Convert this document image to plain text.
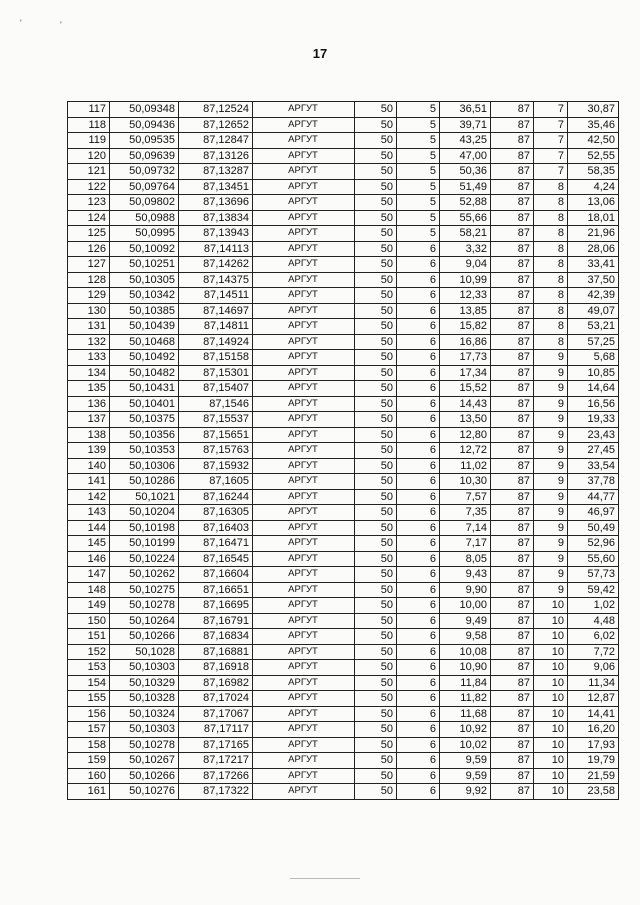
'	'
17
117	50,09348	87,12524	АРГУТ	50	5	36,51	87	7	30,87
118	50,09436	87,12652	АРГУТ	50	5	39,71	87	7	35,46
119	50,09535	87,12847	АРГУТ	50	5	43,25	87	7	42,50
120	50,09639	87,13126	АРГУТ	50	5	47,00	87	7	52,55
121	50,09732	87,13287	АРГУТ	50	5	50,36	87	7	58,35
122	50,09764	87,13451	АРГУТ	50	5	51,49	87	8	4,24
123	50,09802	87,13696	АРГУТ	50	5	52,88	87	8	13,06
124	50,0988	87,13834	АРГУТ	50	5	55,66	87	8	18,01
125	50,0995	87,13943	АРГУТ	50	5	58,21	87	8	21,96
126	50,10092	87,14113	АРГУТ	50	6	3,32	87	8	28,06
127	50,10251	87,14262	АРГУТ	50	6	9,04	87	8	33,41
128	50,10305	87,14375	АРГУТ	50	6	10,99	87	8	37,50
129	50,10342	87,14511	АРГУТ	50	6	12,33	87	8	42,39
130	50,10385	87,14697	АРГУТ	50	6	13,85	87	8	49,07
131	50,10439	87,14811	АРГУТ	50	6	15,82	87	8	53,21
132	50,10468	87,14924	АРГУТ	50	6	16,86	87	8	57,25
133	50,10492	87,15158	АРГУТ	50	6	17,73	87	9	5,68
134	50,10482	87,15301	АРГУТ	50	6	17,34	87	9	10,85
135	50,10431	87,15407	АРГУТ	50	6	15,52	87	9	14,64
136	50,10401	87,1546	АРГУТ	50	6	14,43	87	9	16,56
137	50,10375	87,15537	АРГУТ	50	6	13,50	87	9	19,33
138	50,10356	87,15651	АРГУТ	50	6	12,80	87	9	23,43
139	50,10353	87,15763	АРГУТ	50	6	12,72	87	9	27,45
140	50,10306	87,15932	АРГУТ	50	6	11,02	87	9	33,54
141	50,10286	87,1605	АРГУТ	50	6	10,30	87	9	37,78
142	50,1021	87,16244	АРГУТ	50	6	7,57	87	9	44,77
143	50,10204	87,16305	АРГУТ	50	6	7,35	87	9	46,97
144	50,10198	87,16403	АРГУТ	50	6	7,14	87	9	50,49
145	50,10199	87,16471	АРГУТ	50	6	7,17	87	9	52,96
146	50,10224	87,16545	АРГУТ	50	6	8,05	87	9	55,60
147	50,10262	87,16604	АРГУТ	50	6	9,43	87	9	57,73
148	50,10275	87,16651	АРГУТ	50	6	9,90	87	9	59,42
149	50,10278	87,16695	АРГУТ	50	6	10,00	87	10	1,02
150	50,10264	87,16791	АРГУТ	50	6	9,49	87	10	4,48
151	50,10266	87,16834	АРГУТ	50	6	9,58	87	10	6,02
152	50,1028	87,16881	АРГУТ	50	6	10,08	87	10	7,72
153	50,10303	87,16918	АРГУТ	50	6	10,90	87	10	9,06
154	50,10329	87,16982	АРГУТ	50	6	11,84	87	10	11,34
155	50,10328	87,17024	АРГУТ	50	6	11,82	87	10	12,87
156	50,10324	87,17067	АРГУТ	50	6	11,68	87	10	14,41
157	50,10303	87,17117	АРГУТ	50	6	10,92	87	10	16,20
158	50,10278	87,17165	АРГУТ	50	6	10,02	87	10	17,93
159	50,10267	87,17217	АРГУТ	50	6	9,59	87	10	19,79
160	50,10266	87,17266	АРГУТ	50	6	9,59	87	10	21,59
161	50,10276	87,17322	АРГУТ	50	6	9,92	87	10	23,58
